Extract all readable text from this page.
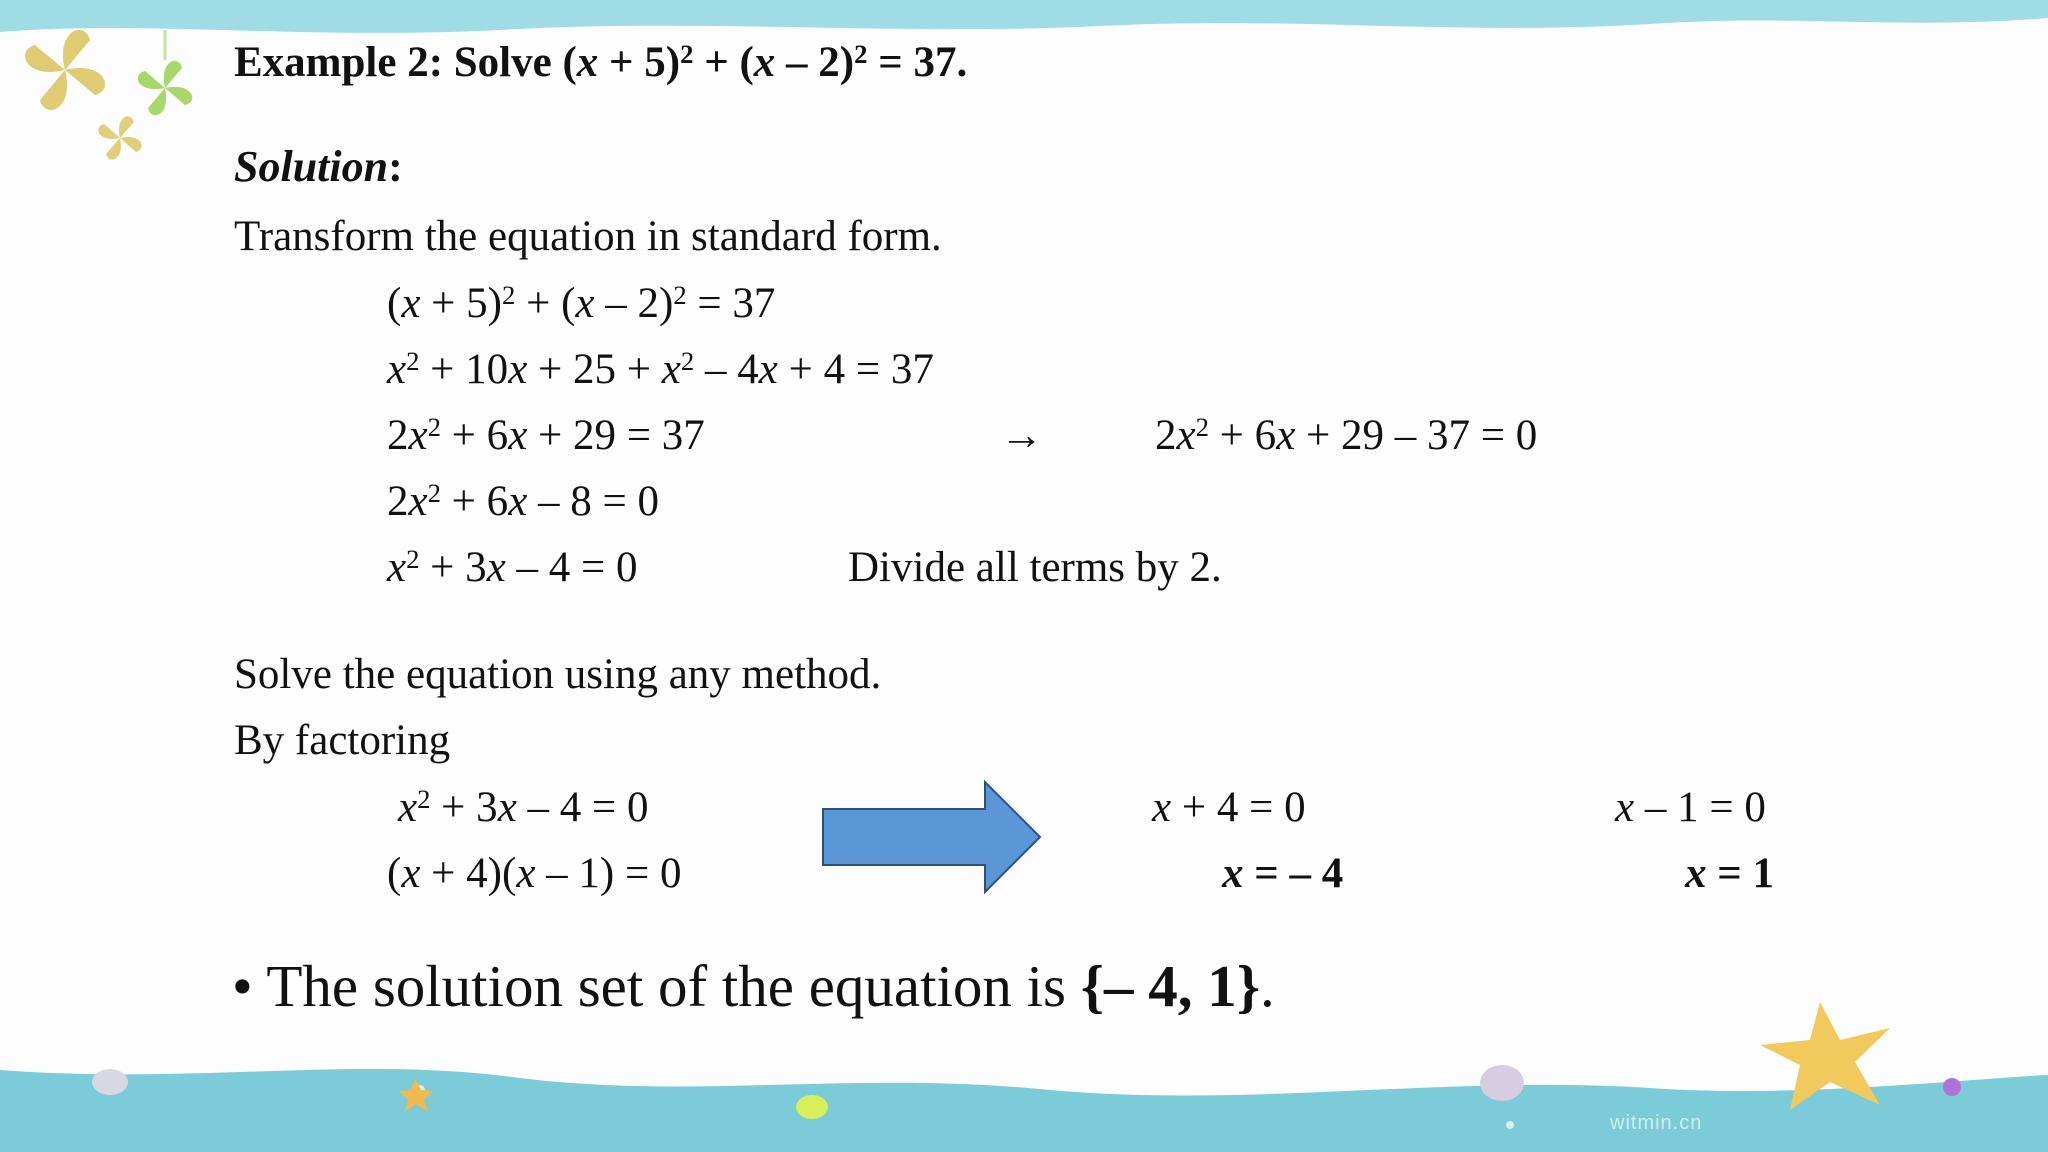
Example 2: Solve $(x + 5)^2 + (x - 2)^2 = 37$.
Solution:
Transform the equation in standard form.
$(x + 5)^2 + (x - 2)^2 = 37$
$x^2 + 10x + 25 + x^2 - 4x + 4 = 37$
$2x^2 + 6x + 29 = 37$	→	$2x^2 + 6x + 29 - 37 = 0$
$2x^2 + 6x - 8 = 0$
$x^2 + 3x - 4 = 0$	Divide all terms by 2.
Solve the equation using any method.
By factoring
$x^2 + 3x - 4 = 0$
(x + 4)(x – 1) = 0
x + 4 = 0
x = – 4
x – 1 = 0
x = 1
• The solution set of the equation is {– 4, 1}.
witmin.cn
